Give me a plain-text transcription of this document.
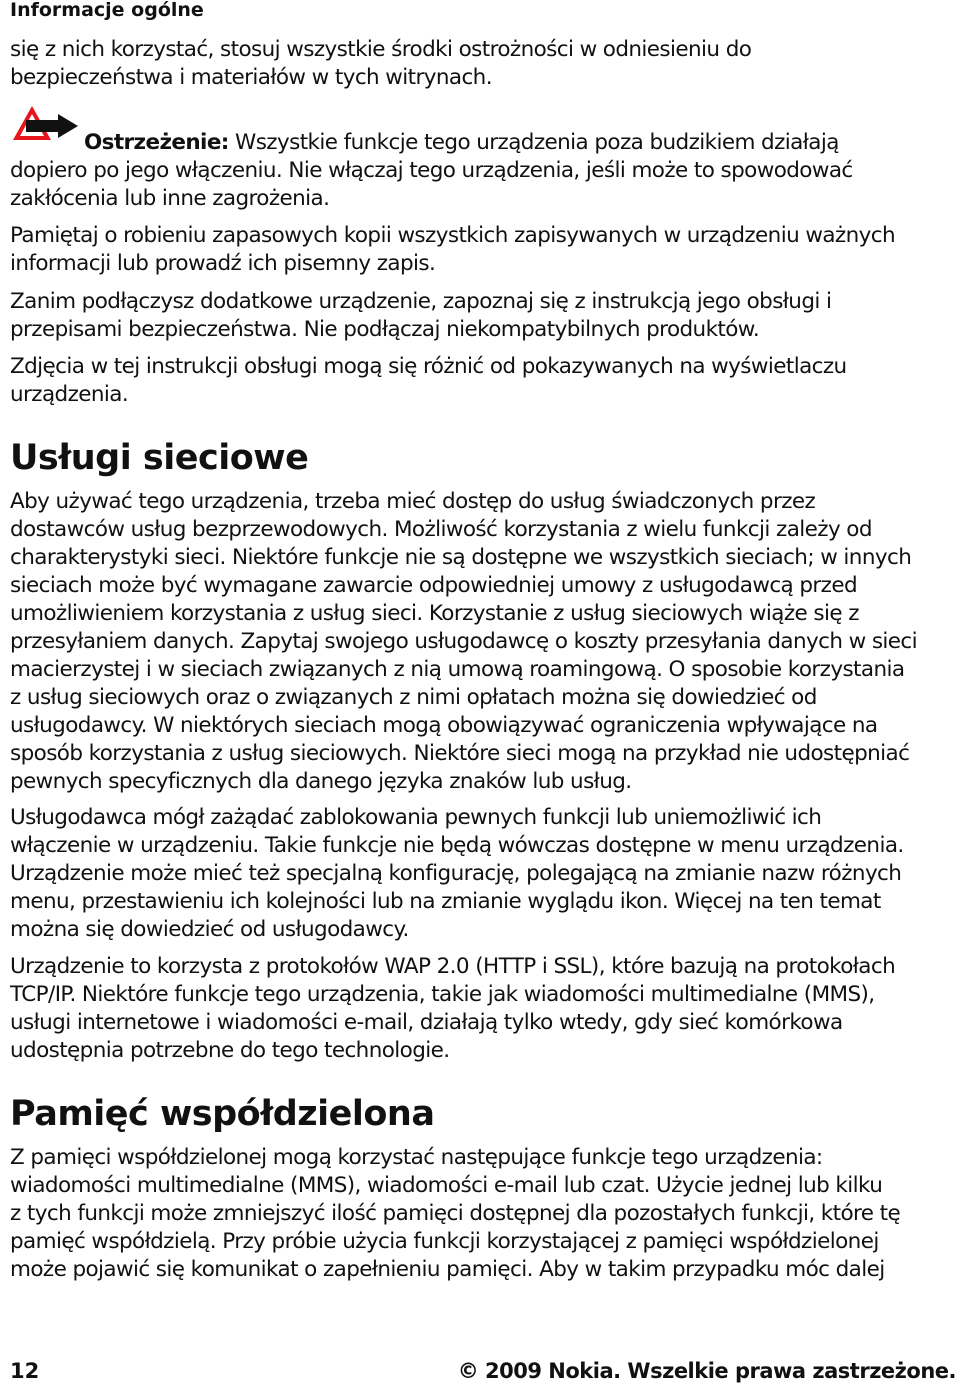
Informacje ogólne

się z nich korzystać, stosuj wszystkie środki ostrożności w odniesieniu do
bezpieczeństwa i materiałów w tych witrynach.

Ostrzeżenie: Wszystkie funkcje tego urządzenia poza budzikiem działają
dopiero po jego włączeniu. Nie włączaj tego urządzenia, jeśli może to spowodować
zakłócenia lub inne zagrożenia.

Pamiętaj o robieniu zapasowych kopii wszystkich zapisywanych w urządzeniu ważnych
informacji lub prowadź ich pisemny zapis.

Zanim podłączysz dodatkowe urządzenie, zapoznaj się z instrukcją jego obsługi i
przepisami bezpieczeństwa. Nie podłączaj niekompatybilnych produktów.

Zdjęcia w tej instrukcji obsługi mogą się różnić od pokazywanych na wyświetlaczu
urządzenia.

Usługi sieciowe

Aby używać tego urządzenia, trzeba mieć dostęp do usług świadczonych przez
dostawców usług bezprzewodowych. Możliwość korzystania z wielu funkcji zależy od
charakterystyki sieci. Niektóre funkcje nie są dostępne we wszystkich sieciach; w innych
sieciach może być wymagane zawarcie odpowiedniej umowy z usługodawcą przed
umożliwieniem korzystania z usług sieci. Korzystanie z usług sieciowych wiąże się z
przesyłaniem danych. Zapytaj swojego usługodawcę o koszty przesyłania danych w sieci
macierzystej i w sieciach związanych z nią umową roamingową. O sposobie korzystania
z usług sieciowych oraz o związanych z nimi opłatach można się dowiedzieć od
usługodawcy. W niektórych sieciach mogą obowiązywać ograniczenia wpływające na
sposób korzystania z usług sieciowych. Niektóre sieci mogą na przykład nie udostępniać
pewnych specyficznych dla danego języka znaków lub usług.

Usługodawca mógł zażądać zablokowania pewnych funkcji lub uniemożliwić ich
włączenie w urządzeniu. Takie funkcje nie będą wówczas dostępne w menu urządzenia.
Urządzenie może mieć też specjalną konfigurację, polegającą na zmianie nazw różnych
menu, przestawieniu ich kolejności lub na zmianie wyglądu ikon. Więcej na ten temat
można się dowiedzieć od usługodawcy.

Urządzenie to korzysta z protokołów WAP 2.0 (HTTP i SSL), które bazują na protokołach
TCP/IP. Niektóre funkcje tego urządzenia, takie jak wiadomości multimedialne (MMS),
usługi internetowe i wiadomości e-mail, działają tylko wtedy, gdy sieć komórkowa
udostępnia potrzebne do tego technologie.

Pamięć współdzielona

Z pamięci współdzielonej mogą korzystać następujące funkcje tego urządzenia:
wiadomości multimedialne (MMS), wiadomości e-mail lub czat. Użycie jednej lub kilku
z tych funkcji może zmniejszyć ilość pamięci dostępnej dla pozostałych funkcji, które tę
pamięć współdzielą. Przy próbie użycia funkcji korzystającej z pamięci współdzielonej
może pojawić się komunikat o zapełnieniu pamięci. Aby w takim przypadku móc dalej

12	© 2009 Nokia. Wszelkie prawa zastrzeżone.
